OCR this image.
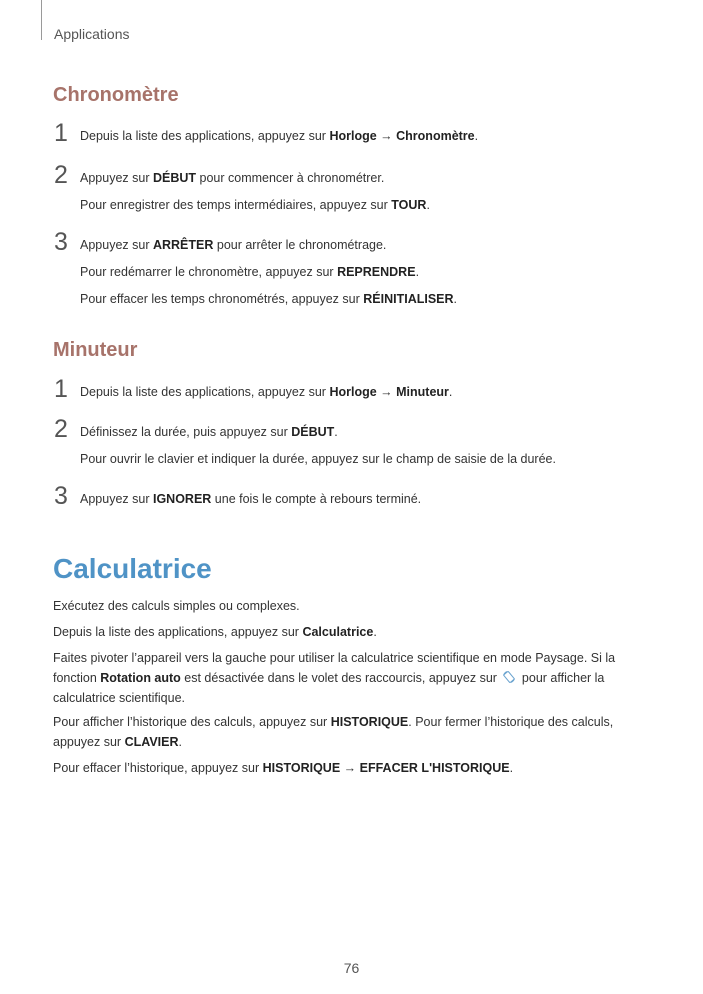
Applications
Chronomètre
1 Depuis la liste des applications, appuyez sur Horloge → Chronomètre.
2 Appuyez sur DÉBUT pour commencer à chronométrer.
Pour enregistrer des temps intermédiaires, appuyez sur TOUR.
3 Appuyez sur ARRÊTER pour arrêter le chronométrage.
Pour redémarrer le chronomètre, appuyez sur REPRENDRE.
Pour effacer les temps chronométrés, appuyez sur RÉINITIALISER.
Minuteur
1 Depuis la liste des applications, appuyez sur Horloge → Minuteur.
2 Définissez la durée, puis appuyez sur DÉBUT.
Pour ouvrir le clavier et indiquer la durée, appuyez sur le champ de saisie de la durée.
3 Appuyez sur IGNORER une fois le compte à rebours terminé.
Calculatrice
Exécutez des calculs simples ou complexes.
Depuis la liste des applications, appuyez sur Calculatrice.
Faites pivoter l’appareil vers la gauche pour utiliser la calculatrice scientifique en mode Paysage. Si la fonction Rotation auto est désactivée dans le volet des raccourcis, appuyez sur pour afficher la calculatrice scientifique.
Pour afficher l’historique des calculs, appuyez sur HISTORIQUE. Pour fermer l’historique des calculs, appuyez sur CLAVIER.
Pour effacer l’historique, appuyez sur HISTORIQUE → EFFACER L'HISTORIQUE.
76
